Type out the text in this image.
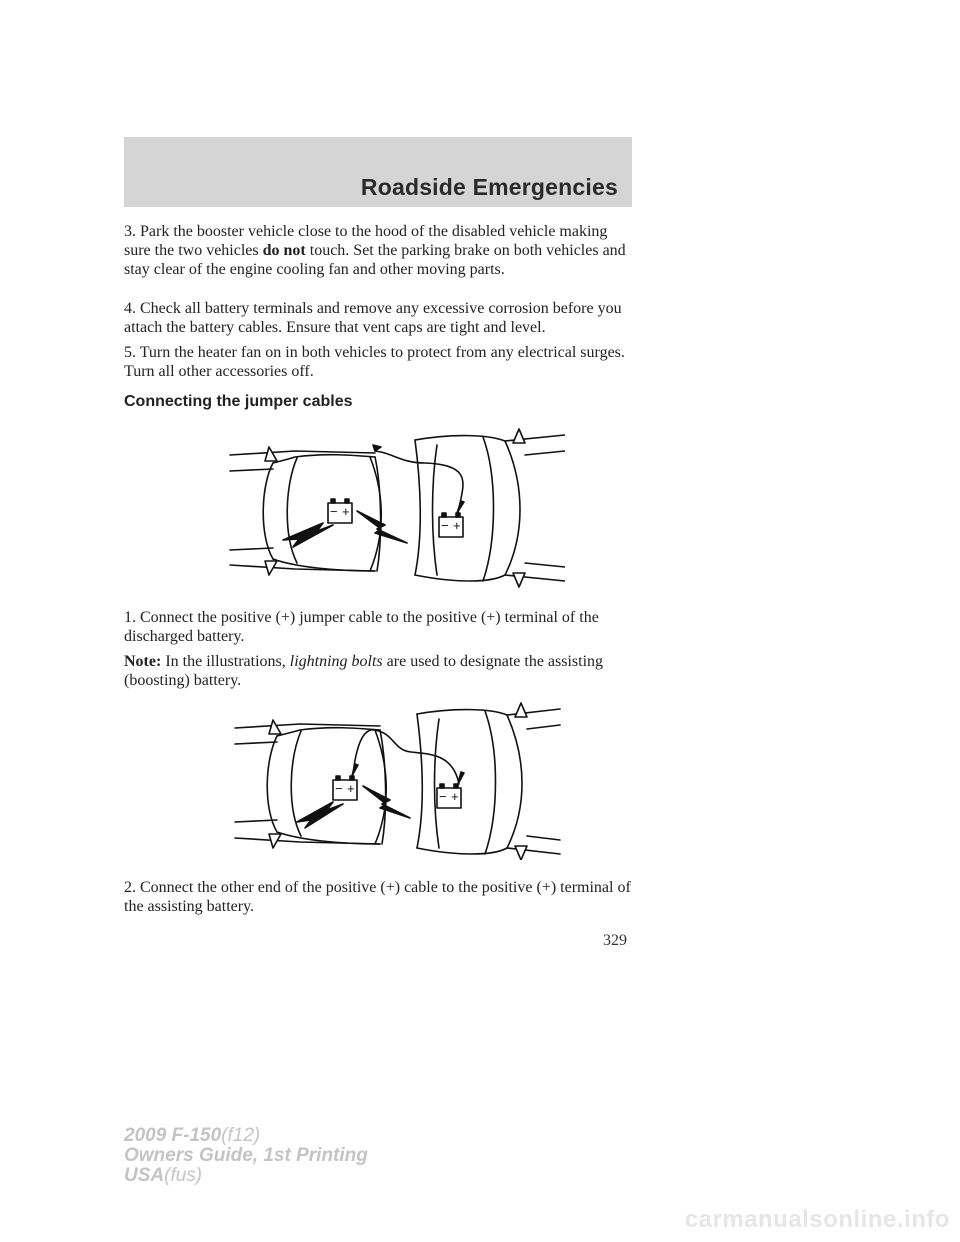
Roadside Emergencies

3. Park the booster vehicle close to the hood of the disabled vehicle making sure the two vehicles do not touch. Set the parking brake on both vehicles and stay clear of the engine cooling fan and other moving parts.

4. Check all battery terminals and remove any excessive corrosion before you attach the battery cables. Ensure that vent caps are tight and level.

5. Turn the heater fan on in both vehicles to protect from any electrical surges. Turn all other accessories off.

Connecting the jumper cables
− +
− +

1. Connect the positive (+) jumper cable to the positive (+) terminal of the discharged battery.

Note: In the illustrations, lightning bolts are used to designate the assisting (boosting) battery.

− +
− +

2. Connect the other end of the positive (+) cable to the positive (+) terminal of the assisting battery.

329
2009 F-150(f12)
Owners Guide, 1st Printing
USA(fus)
carmanualsonline.info
